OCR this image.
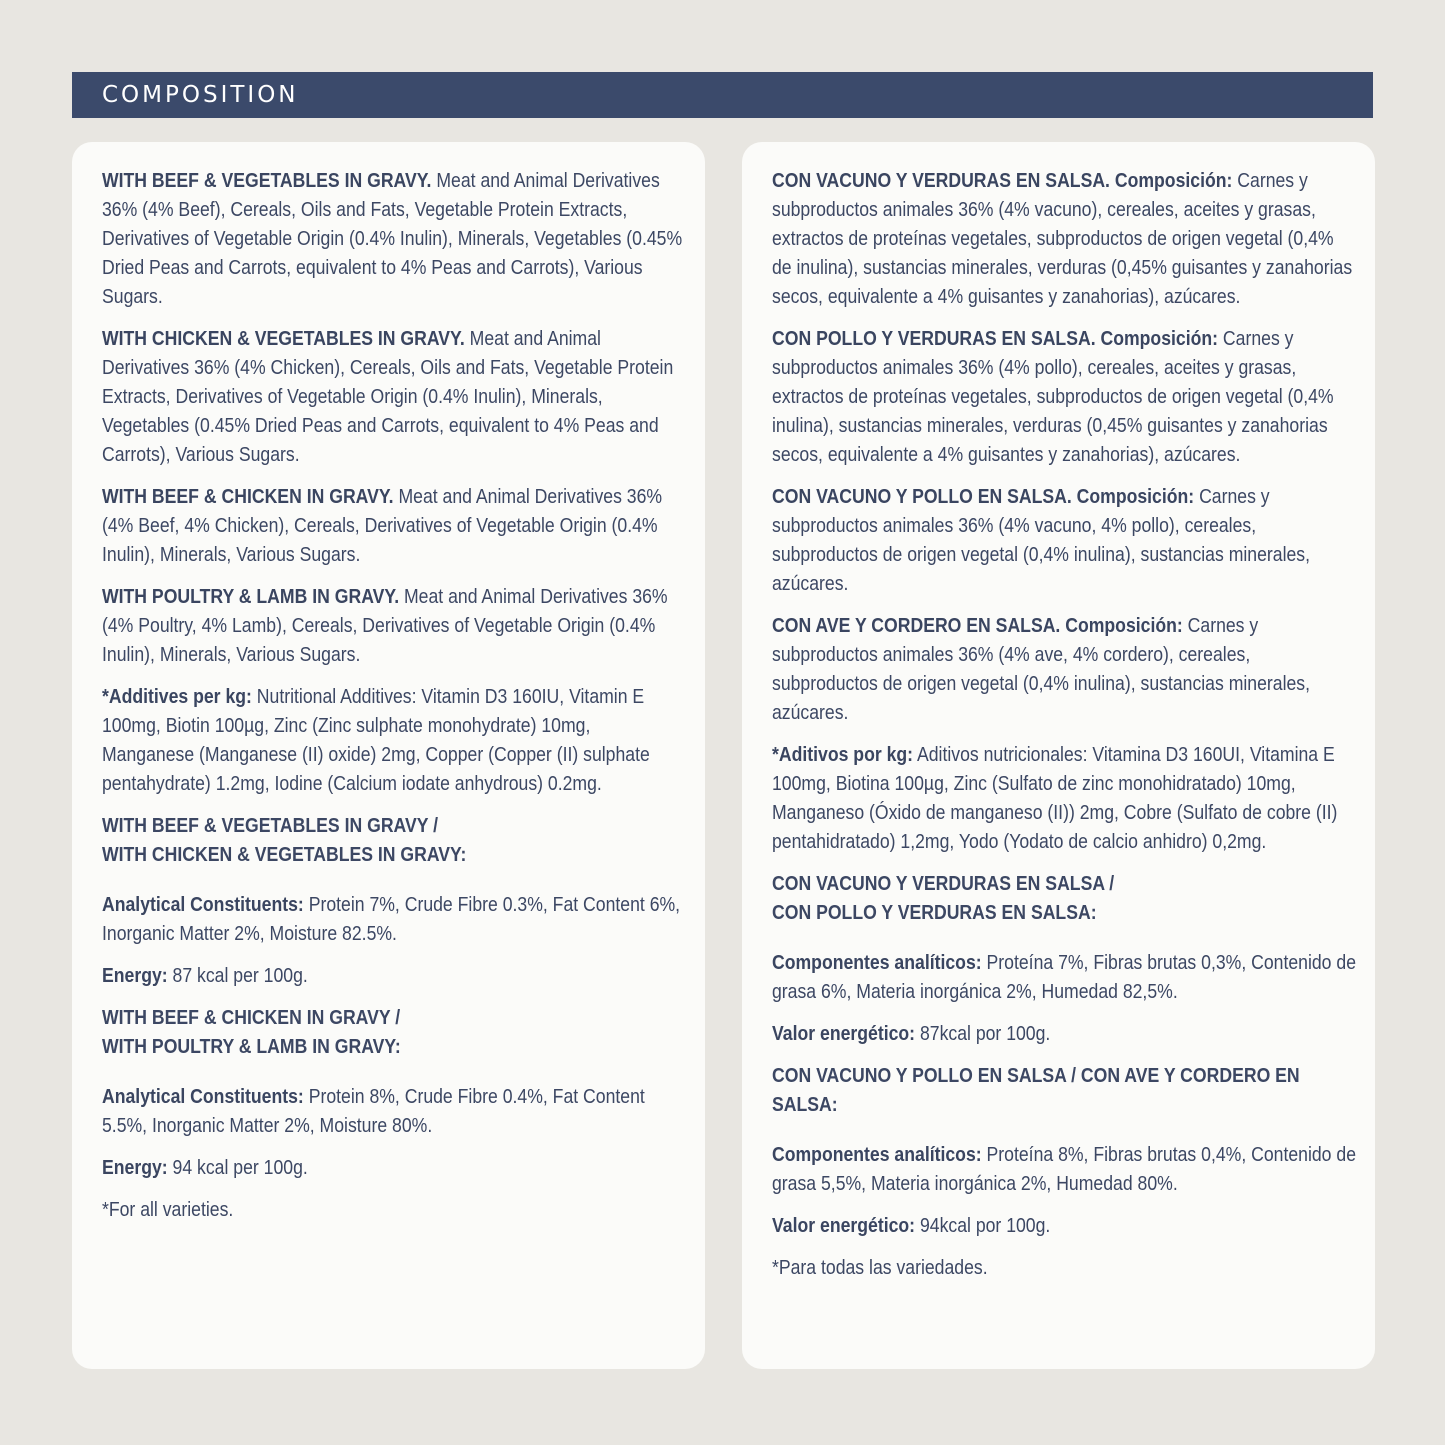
COMPOSITION

WITH BEEF & VEGETABLES IN GRAVY. Meat and Animal Derivatives 36% (4% Beef), Cereals, Oils and Fats, Vegetable Protein Extracts, Derivatives of Vegetable Origin (0.4% Inulin), Minerals, Vegetables (0.45% Dried Peas and Carrots, equivalent to 4% Peas and Carrots), Various Sugars.

WITH CHICKEN & VEGETABLES IN GRAVY. Meat and Animal Derivatives 36% (4% Chicken), Cereals, Oils and Fats, Vegetable Protein Extracts, Derivatives of Vegetable Origin (0.4% Inulin), Minerals, Vegetables (0.45% Dried Peas and Carrots, equivalent to 4% Peas and Carrots), Various Sugars.

WITH BEEF & CHICKEN IN GRAVY. Meat and Animal Derivatives 36% (4% Beef, 4% Chicken), Cereals, Derivatives of Vegetable Origin (0.4% Inulin), Minerals, Various Sugars.

WITH POULTRY & LAMB IN GRAVY. Meat and Animal Derivatives 36% (4% Poultry, 4% Lamb), Cereals, Derivatives of Vegetable Origin (0.4% Inulin), Minerals, Various Sugars.

*Additives per kg: Nutritional Additives: Vitamin D3 160IU, Vitamin E 100mg, Biotin 100µg, Zinc (Zinc sulphate monohydrate) 10mg, Manganese (Manganese (II) oxide) 2mg, Copper (Copper (II) sulphate pentahydrate) 1.2mg, Iodine (Calcium iodate anhydrous) 0.2mg.

WITH BEEF & VEGETABLES IN GRAVY /
WITH CHICKEN & VEGETABLES IN GRAVY:

Analytical Constituents: Protein 7%, Crude Fibre 0.3%, Fat Content 6%, Inorganic Matter 2%, Moisture 82.5%.

Energy: 87 kcal per 100g.

WITH BEEF & CHICKEN IN GRAVY /
WITH POULTRY & LAMB IN GRAVY:

Analytical Constituents: Protein 8%, Crude Fibre 0.4%, Fat Content 5.5%, Inorganic Matter 2%, Moisture 80%.

Energy: 94 kcal per 100g.

*For all varieties.

CON VACUNO Y VERDURAS EN SALSA. Composición: Carnes y subproductos animales 36% (4% vacuno), cereales, aceites y grasas, extractos de proteínas vegetales, subproductos de origen vegetal (0,4% de inulina), sustancias minerales, verduras (0,45% guisantes y zanahorias secos, equivalente a 4% guisantes y zanahorias), azúcares.

CON POLLO Y VERDURAS EN SALSA. Composición: Carnes y subproductos animales 36% (4% pollo), cereales, aceites y grasas, extractos de proteínas vegetales, subproductos de origen vegetal (0,4% inulina), sustancias minerales, verduras (0,45% guisantes y zanahorias secos, equivalente a 4% guisantes y zanahorias), azúcares.

CON VACUNO Y POLLO EN SALSA. Composición: Carnes y subproductos animales 36% (4% vacuno, 4% pollo), cereales, subproductos de origen vegetal (0,4% inulina), sustancias minerales, azúcares.

CON AVE Y CORDERO EN SALSA. Composición: Carnes y subproductos animales 36% (4% ave, 4% cordero), cereales, subproductos de origen vegetal (0,4% inulina), sustancias minerales, azúcares.

*Aditivos por kg: Aditivos nutricionales: Vitamina D3 160UI, Vitamina E 100mg, Biotina 100µg, Zinc (Sulfato de zinc monohidratado) 10mg, Manganeso (Óxido de manganeso (II)) 2mg, Cobre (Sulfato de cobre (II) pentahidratado) 1,2mg, Yodo (Yodato de calcio anhidro) 0,2mg.

CON VACUNO Y VERDURAS EN SALSA /
CON POLLO Y VERDURAS EN SALSA:

Componentes analíticos: Proteína 7%, Fibras brutas 0,3%, Contenido de grasa 6%, Materia inorgánica 2%, Humedad 82,5%.

Valor energético: 87kcal por 100g.

CON VACUNO Y POLLO EN SALSA / CON AVE Y CORDERO EN SALSA:

Componentes analíticos: Proteína 8%, Fibras brutas 0,4%, Contenido de grasa 5,5%, Materia inorgánica 2%, Humedad 80%.

Valor energético: 94kcal por 100g.

*Para todas las variedades.
